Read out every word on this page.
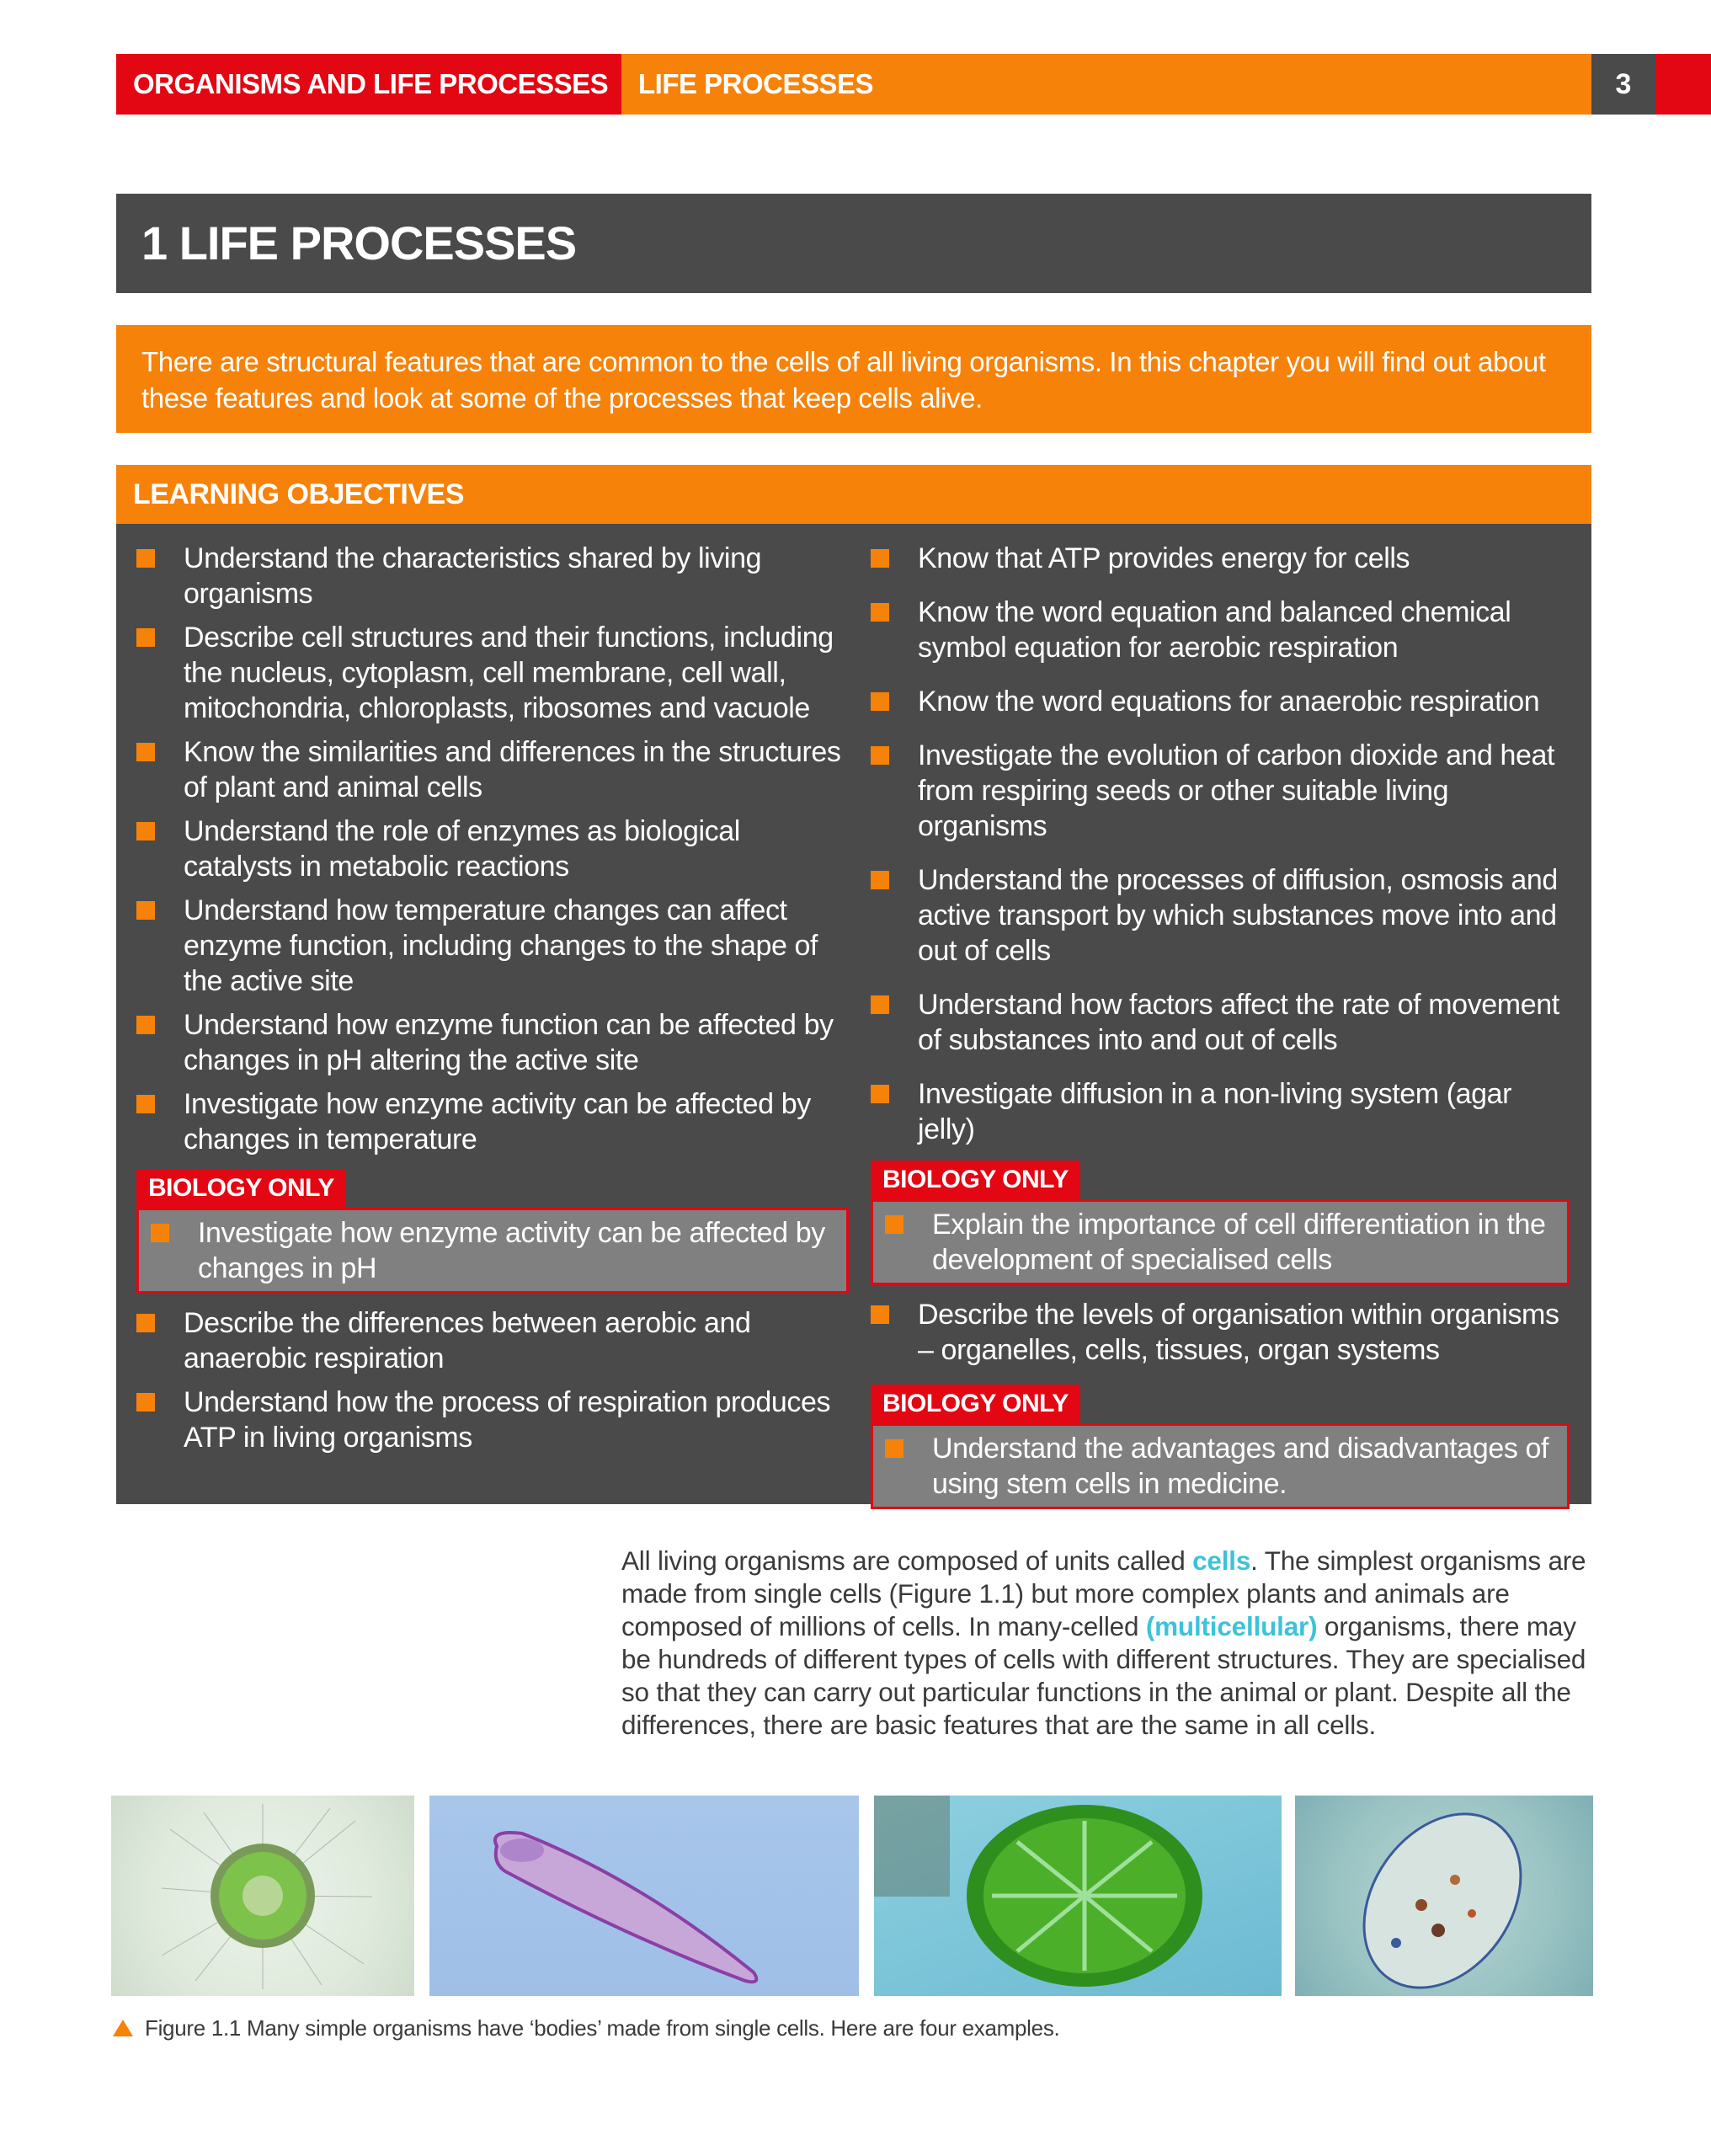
ORGANISMS AND LIFE PROCESSES	LIFE PROCESSES	3
1 LIFE PROCESSES
There are structural features that are common to the cells of all living organisms. In this chapter you will find out about these features and look at some of the processes that keep cells alive.
LEARNING OBJECTIVES
Understand the characteristics shared by living organisms
Describe cell structures and their functions, including the nucleus, cytoplasm, cell membrane, cell wall, mitochondria, chloroplasts, ribosomes and vacuole
Know the similarities and differences in the structures of plant and animal cells
Understand the role of enzymes as biological catalysts in metabolic reactions
Understand how temperature changes can affect enzyme function, including changes to the shape of the active site
Understand how enzyme function can be affected by changes in pH altering the active site
Investigate how enzyme activity can be affected by changes in temperature
BIOLOGY ONLY
Investigate how enzyme activity can be affected by changes in pH
Describe the differences between aerobic and anaerobic respiration
Understand how the process of respiration produces ATP in living organisms
Know that ATP provides energy for cells
Know the word equation and balanced chemical symbol equation for aerobic respiration
Know the word equations for anaerobic respiration
Investigate the evolution of carbon dioxide and heat from respiring seeds or other suitable living organisms
Understand the processes of diffusion, osmosis and active transport by which substances move into and out of cells
Understand how factors affect the rate of movement of substances into and out of cells
Investigate diffusion in a non-living system (agar jelly)
BIOLOGY ONLY
Explain the importance of cell differentiation in the development of specialised cells
Describe the levels of organisation within organisms – organelles, cells, tissues, organ systems
BIOLOGY ONLY
Understand the advantages and disadvantages of using stem cells in medicine.
All living organisms are composed of units called cells. The simplest organisms are made from single cells (Figure 1.1) but more complex plants and animals are composed of millions of cells. In many-celled (multicellular) organisms, there may be hundreds of different types of cells with different structures. They are specialised so that they can carry out particular functions in the animal or plant. Despite all the differences, there are basic features that are the same in all cells.
Figure 1.1 Many simple organisms have ‘bodies’ made from single cells. Here are four examples.
